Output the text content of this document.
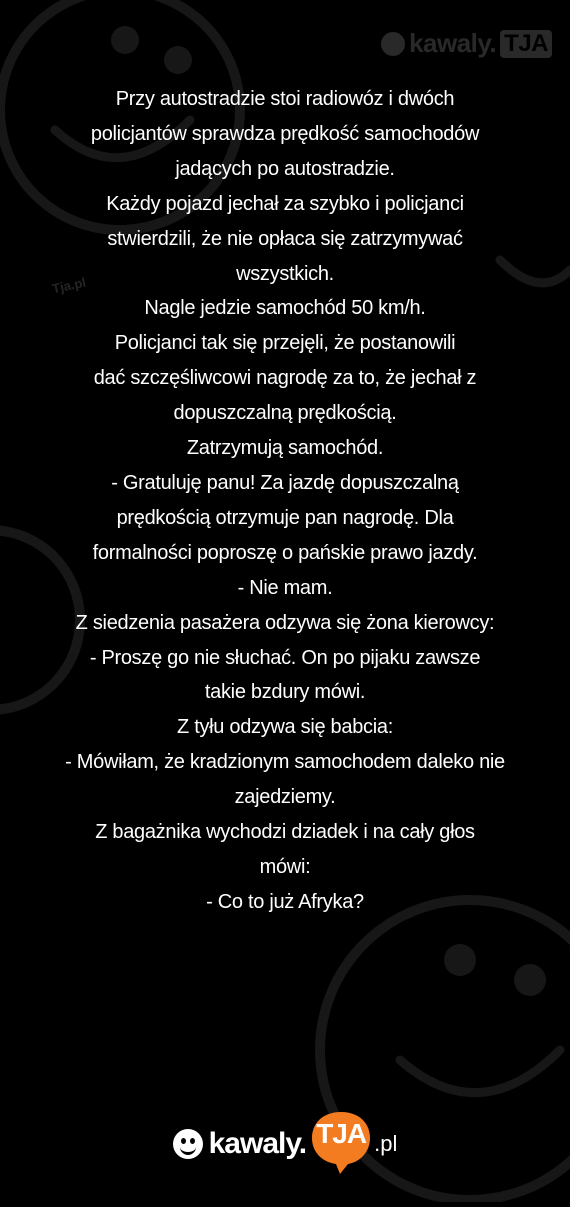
kawaly. TJA
Tja.pl
Przy autostradzie stoi radiowóz i dwóch
policjantów sprawdza prędkość samochodów
jadących po autostradzie.
Każdy pojazd jechał za szybko i policjanci
stwierdzili, że nie opłaca się zatrzymywać
wszystkich.
Nagle jedzie samochód 50 km/h.
Policjanci tak się przejęli, że postanowili
dać szczęśliwcowi nagrodę za to, że jechał z
dopuszczalną prędkością.
Zatrzymują samochód.
- Gratuluję panu! Za jazdę dopuszczalną
prędkością otrzymuje pan nagrodę. Dla
formalności poproszę o pańskie prawo jazdy.
- Nie mam.
Z siedzenia pasażera odzywa się żona kierowcy:
- Proszę go nie słuchać. On po pijaku zawsze
takie bzdury mówi.
Z tyłu odzywa się babcia:
- Mówiłam, że kradzionym samochodem daleko nie
zajedziemy.
Z bagażnika wychodzi dziadek i na cały głos
mówi:
- Co to już Afryka?
kawaly. TJA .pl
